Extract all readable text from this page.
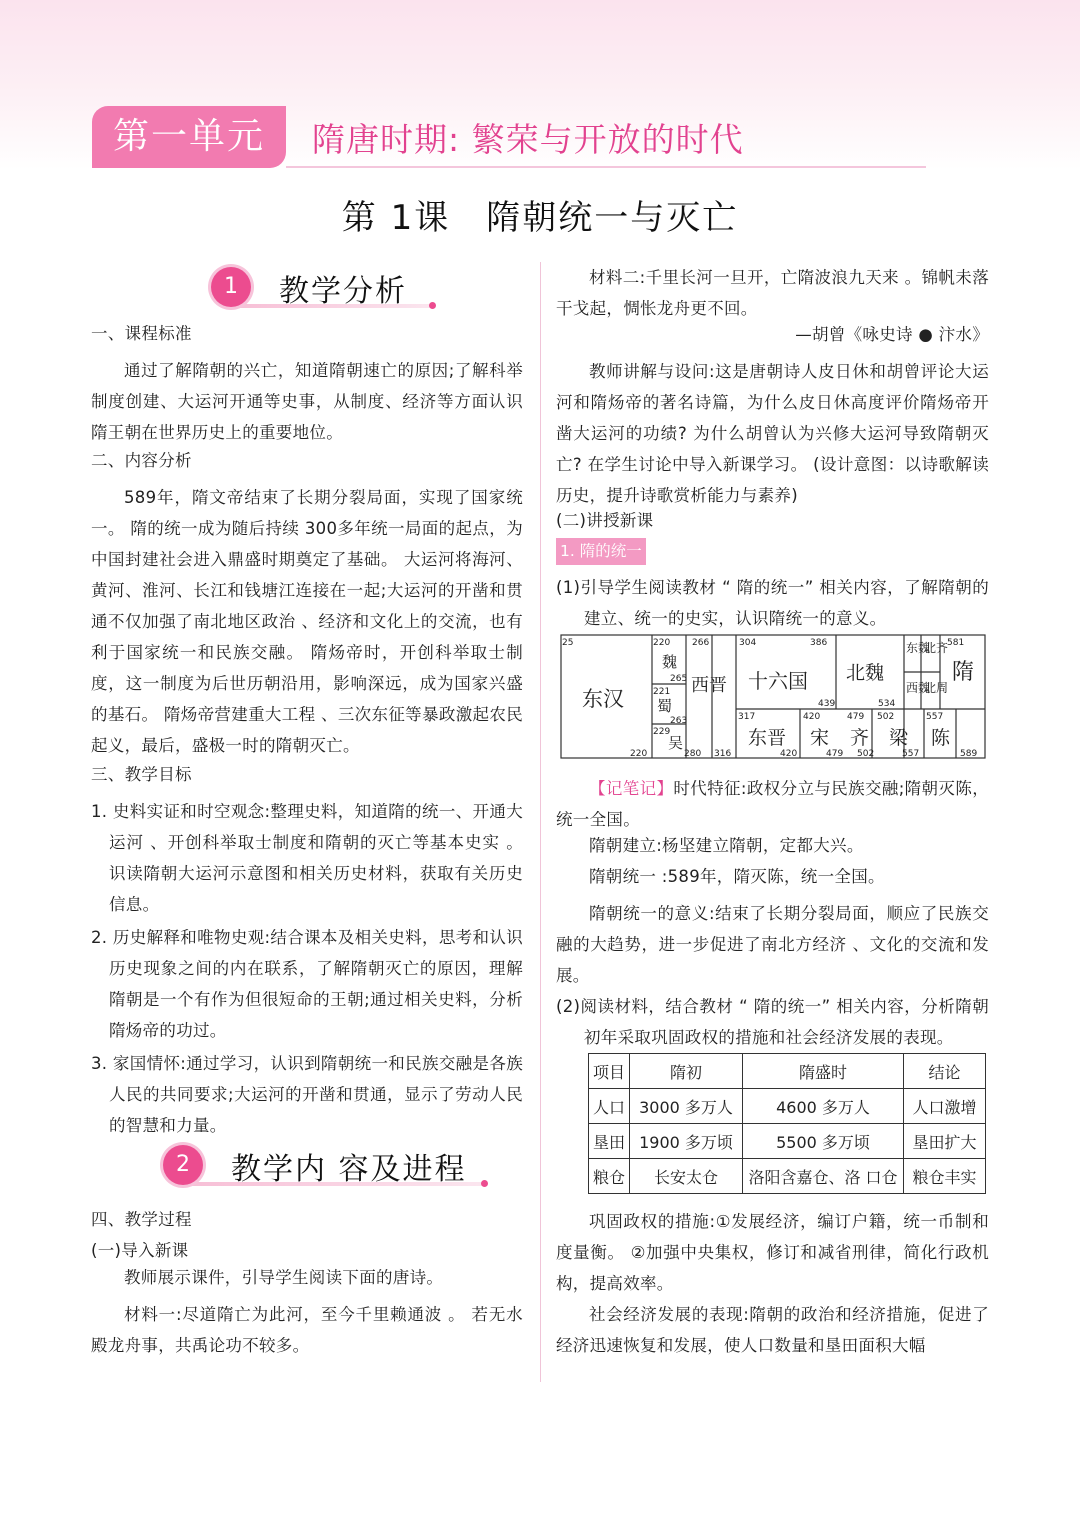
第一单元	隋唐时期: 繁荣与开放的时代
第 1课　隋朝统一与灭亡
1	教学分析
一、课程标准
通过了解隋朝的兴亡，知道隋朝速亡的原因;了解科举制度创建、大运河开通等史事，从制度、经济等方面认识隋王朝在世界历史上的重要地位。
二、内容分析
589年，隋文帝结束了长期分裂局面，实现了国家统一。 隋的统一成为随后持续 300多年统一局面的起点，为中国封建社会进入鼎盛时期奠定了基础。 大运河将海河、黄河、淮河、长江和钱塘江连接在一起;大运河的开凿和贯通不仅加强了南北地区政治 、经济和文化上的交流，也有利于国家统一和民族交融。 隋炀帝时，开创科举取士制度，这一制度为后世历朝沿用，影响深远，成为国家兴盛的基石。 隋炀帝营建重大工程 、三次东征等暴政激起农民起义，最后，盛极一时的隋朝灭亡。
三、教学目标
1. 史料实证和时空观念:整理史料，知道隋的统一、开通大运河 、开创科举取士制度和隋朝的灭亡等基本史实 。识读隋朝大运河示意图和相关历史材料，获取有关历史信息。
2. 历史解释和唯物史观:结合课本及相关史料，思考和认识历史现象之间的内在联系，了解隋朝灭亡的原因，理解隋朝是一个有作为但很短命的王朝;通过相关史料，分析隋炀帝的功过。
3. 家国情怀:通过学习，认识到隋朝统一和民族交融是各族人民的共同要求;大运河的开凿和贯通，显示了劳动人民的智慧和力量。
2	教学内 容及进程
四、教学过程
(一)导入新课
教师展示课件，引导学生阅读下面的唐诗。
材料一:尽道隋亡为此河，至今千里赖通波 。 若无水殿龙舟事，共禹论功不较多。
材料二:千里长河一旦开，亡隋波浪九天来 。锦帆未落干戈起，惆怅龙舟更不回。
—胡曾《咏史诗 ● 汴水》
教师讲解与设问:这是唐朝诗人皮日休和胡曾评论大运河和隋炀帝的著名诗篇，为什么皮日休高度评价隋炀帝开凿大运河的功绩? 为什么胡曾认为兴修大运河导致隋朝灭亡? 在学生讨论中导入新课学习。 (设计意图：以诗歌解读历史，提升诗歌赏析能力与素养)
(二)讲授新课
1. 隋的统一
(1)引导学生阅读教材 “ 隋的统一” 相关内容，了解隋朝的建立、统一的史实，认识隋统一的意义。
25
220
东汉
220
魏
265
221
蜀
263
229
吴
280
266
西晋
316
304	386
十六国
439
北魏
534
东魏
北齐
西魏
北周
581
隋
317
东晋
420
420
宋
479
479
齐
502
502
梁
557
557
陈
589
【记笔记】时代特征:政权分立与民族交融;隋朝灭陈，统一全国。
隋朝建立:杨坚建立隋朝，定都大兴。
隋朝统一 :589年，隋灭陈，统一全国。
隋朝统一的意义:结束了长期分裂局面，顺应了民族交融的大趋势，进一步促进了南北方经济 、文化的交流和发展。
(2)阅读材料，结合教材 “ 隋的统一” 相关内容，分析隋朝初年采取巩固政权的措施和社会经济发展的表现。
项目	隋初	隋盛时	结论
人口	3000 多万人	4600 多万人	人口激增
垦田	1900 多万顷	5500 多万顷	垦田扩大
粮仓	长安太仓	洛阳含嘉仓、洛 口仓	粮仓丰实
巩固政权的措施:①发展经济，编订户籍，统一币制和度量衡。 ②加强中央集权，修订和减省刑律，简化行政机构，提高效率。
社会经济发展的表现:隋朝的政治和经济措施，促进了经济迅速恢复和发展，使人口数量和垦田面积大幅
